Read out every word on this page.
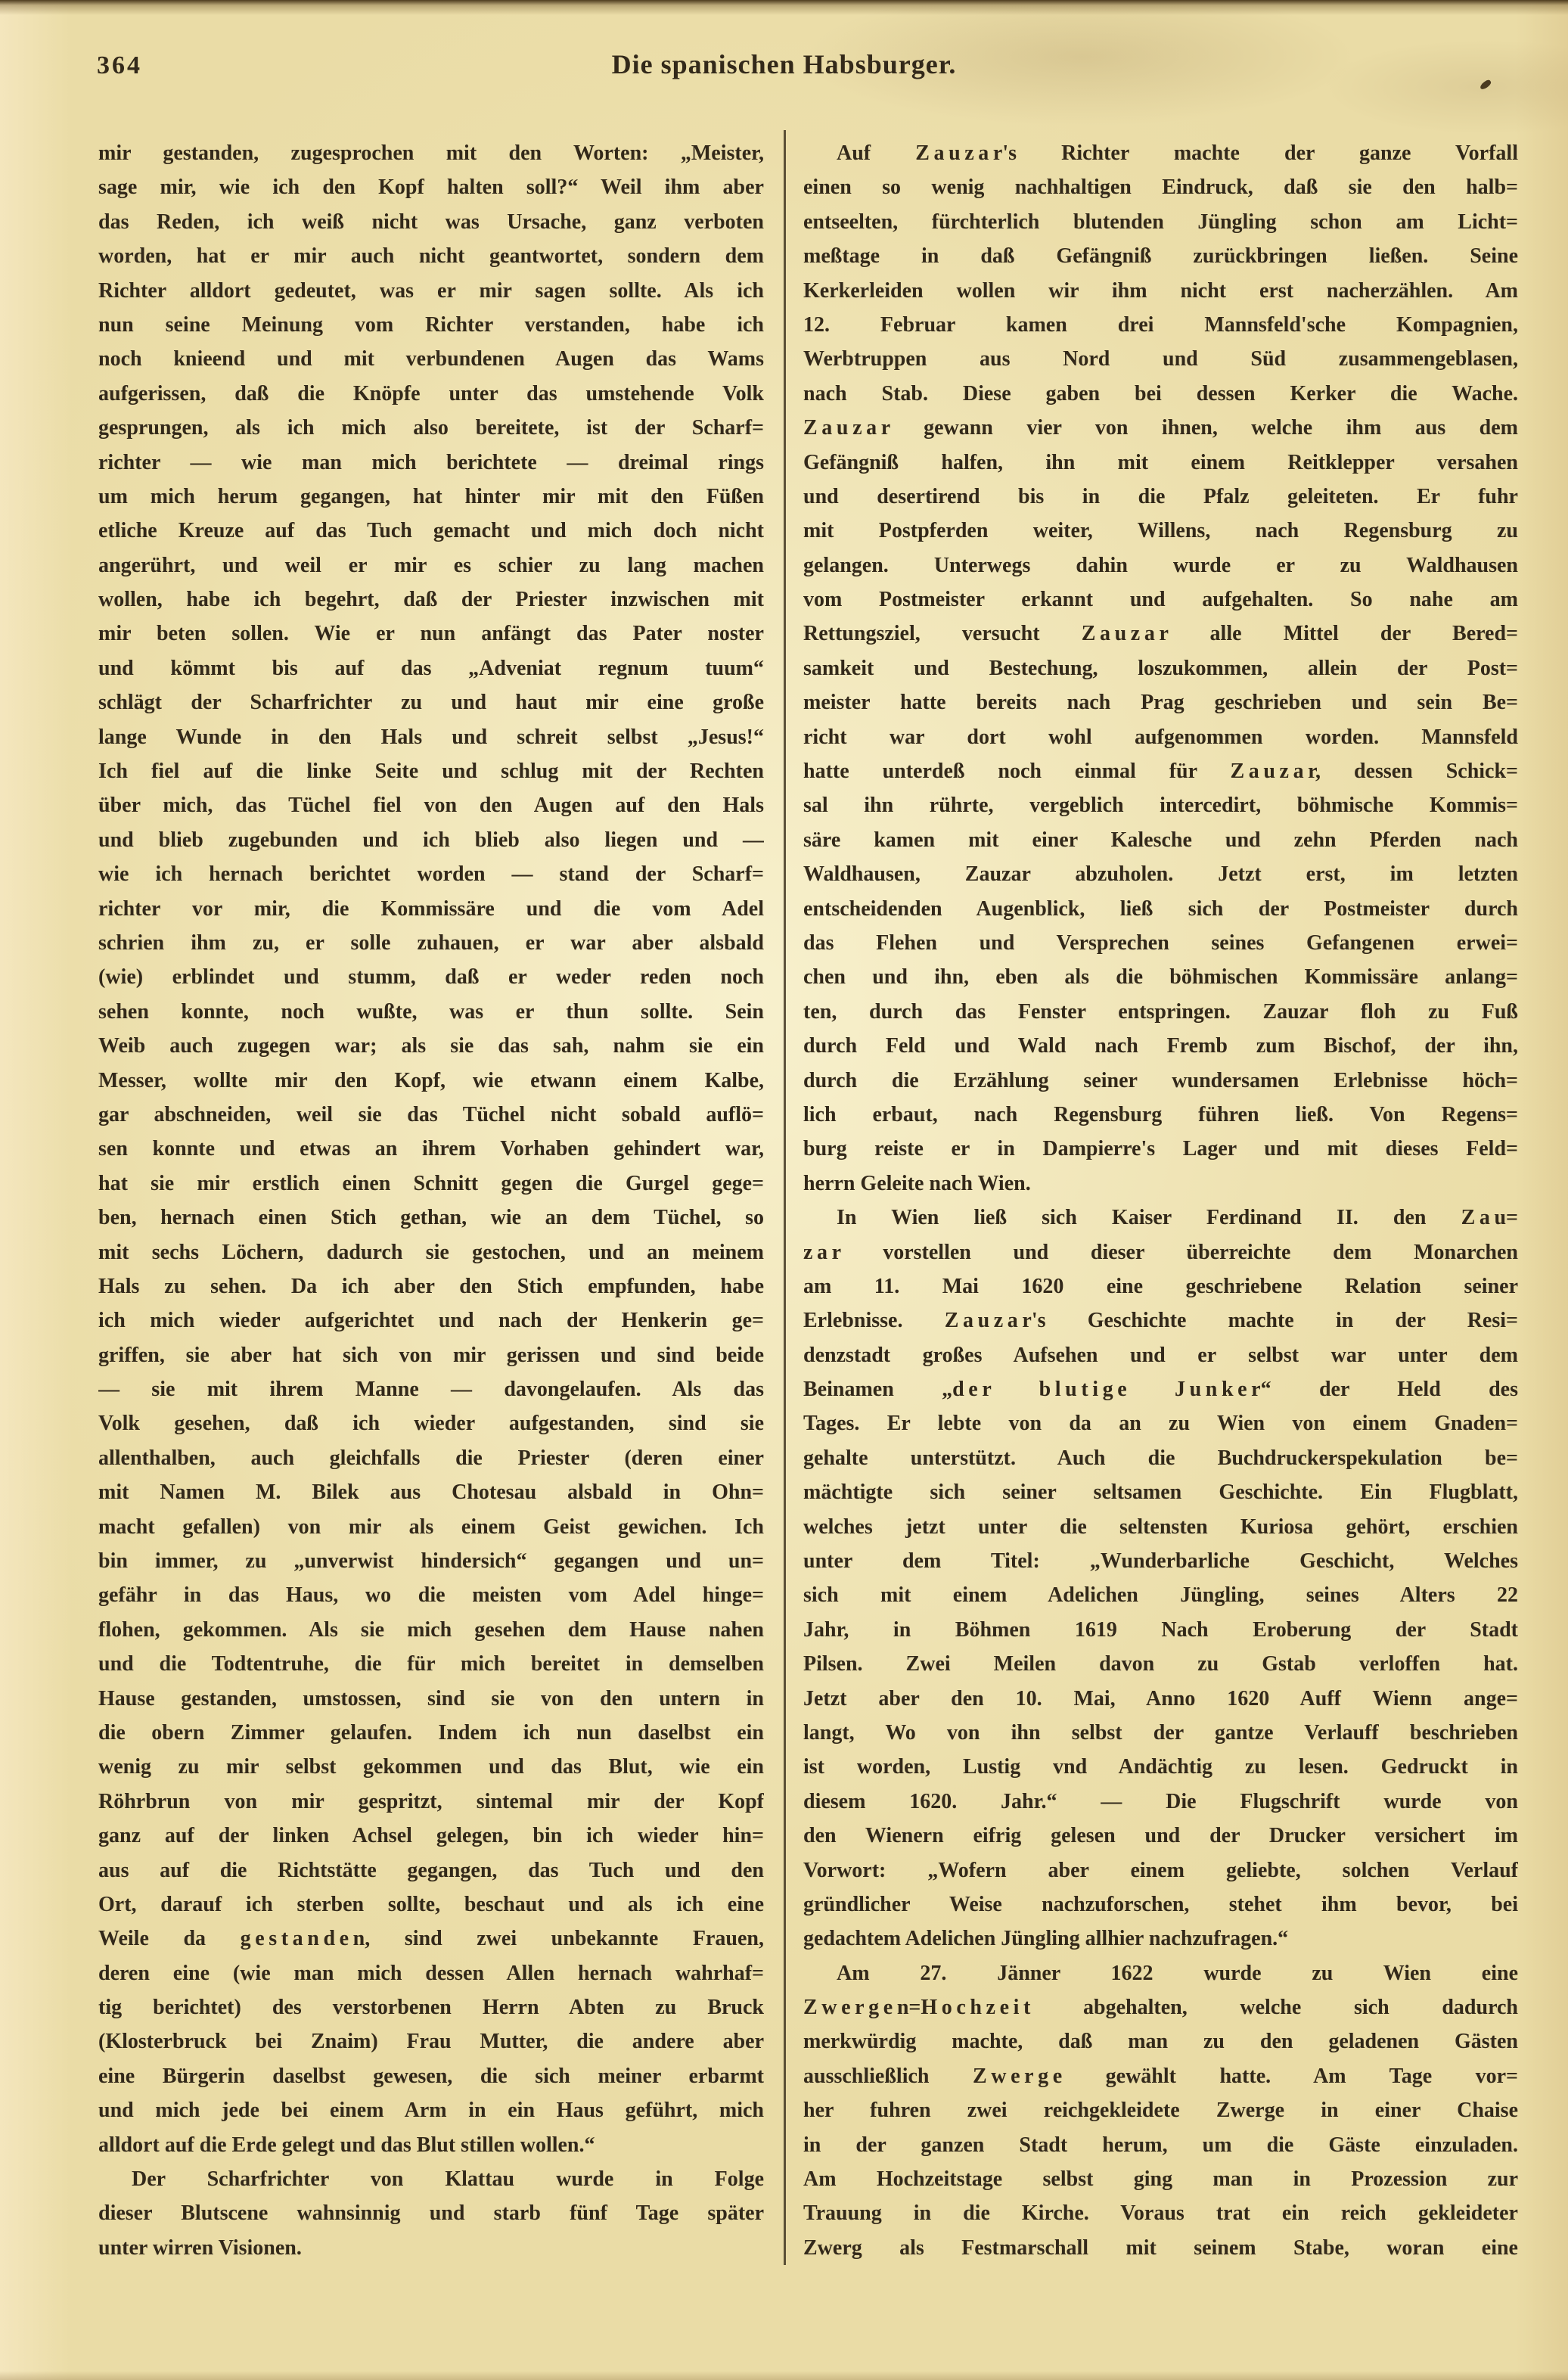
364	Die spanischen Habsburger.
mir gestanden, zugesprochen mit den Worten: „Meister,
sage mir, wie ich den Kopf halten soll?“ Weil ihm aber
das Reden, ich weiß nicht was Ursache, ganz verboten
worden, hat er mir auch nicht geantwortet, sondern dem
Richter alldort gedeutet, was er mir sagen sollte. Als ich
nun seine Meinung vom Richter verstanden, habe ich
noch knieend und mit verbundenen Augen das Wams
aufgerissen, daß die Knöpfe unter das umstehende Volk
gesprungen, als ich mich also bereitete, ist der Scharf=
richter — wie man mich berichtete — dreimal rings
um mich herum gegangen, hat hinter mir mit den Füßen
etliche Kreuze auf das Tuch gemacht und mich doch nicht
angerührt, und weil er mir es schier zu lang machen
wollen, habe ich begehrt, daß der Priester inzwischen mit
mir beten sollen. Wie er nun anfängt das Pater noster
und kömmt bis auf das „Adveniat regnum tuum“
schlägt der Scharfrichter zu und haut mir eine große
lange Wunde in den Hals und schreit selbst „Jesus!“
Ich fiel auf die linke Seite und schlug mit der Rechten
über mich, das Tüchel fiel von den Augen auf den Hals
und blieb zugebunden und ich blieb also liegen und —
wie ich hernach berichtet worden — stand der Scharf=
richter vor mir, die Kommissäre und die vom Adel
schrien ihm zu, er solle zuhauen, er war aber alsbald
(wie) erblindet und stumm, daß er weder reden noch
sehen konnte, noch wußte, was er thun sollte. Sein
Weib auch zugegen war; als sie das sah, nahm sie ein
Messer, wollte mir den Kopf, wie etwann einem Kalbe,
gar abschneiden, weil sie das Tüchel nicht sobald auflö=
sen konnte und etwas an ihrem Vorhaben gehindert war,
hat sie mir erstlich einen Schnitt gegen die Gurgel gege=
ben, hernach einen Stich gethan, wie an dem Tüchel, so
mit sechs Löchern, dadurch sie gestochen, und an meinem
Hals zu sehen. Da ich aber den Stich empfunden, habe
ich mich wieder aufgerichtet und nach der Henkerin ge=
griffen, sie aber hat sich von mir gerissen und sind beide
— sie mit ihrem Manne — davongelaufen. Als das
Volk gesehen, daß ich wieder aufgestanden, sind sie
allenthalben, auch gleichfalls die Priester (deren einer
mit Namen M. Bilek aus Chotesau alsbald in Ohn=
macht gefallen) von mir als einem Geist gewichen. Ich
bin immer, zu „unverwist hindersich“ gegangen und un=
gefähr in das Haus, wo die meisten vom Adel hinge=
flohen, gekommen. Als sie mich gesehen dem Hause nahen
und die Todtentruhe, die für mich bereitet in demselben
Hause gestanden, umstossen, sind sie von den untern in
die obern Zimmer gelaufen. Indem ich nun daselbst ein
wenig zu mir selbst gekommen und das Blut, wie ein
Röhrbrun von mir gespritzt, sintemal mir der Kopf
ganz auf der linken Achsel gelegen, bin ich wieder hin=
aus auf die Richtstätte gegangen, das Tuch und den
Ort, darauf ich sterben sollte, beschaut und als ich eine
Weile da g e s t a n d e n, sind zwei unbekannte Frauen,
deren eine (wie man mich dessen Allen hernach wahrhaf=
tig berichtet) des verstorbenen Herrn Abten zu Bruck
(Klosterbruck bei Znaim) Frau Mutter, die andere aber
eine Bürgerin daselbst gewesen, die sich meiner erbarmt
und mich jede bei einem Arm in ein Haus geführt, mich
alldort auf die Erde gelegt und das Blut stillen wollen.“
Der Scharfrichter von Klattau wurde in Folge
dieser Blutscene wahnsinnig und starb fünf Tage später
unter wirren Visionen.
Auf Z a u z a r's Richter machte der ganze Vorfall
einen so wenig nachhaltigen Eindruck, daß sie den halb=
entseelten, fürchterlich blutenden Jüngling schon am Licht=
meßtage in daß Gefängniß zurückbringen ließen. Seine
Kerkerleiden wollen wir ihm nicht erst nacherzählen. Am
12. Februar kamen drei Mannsfeld'sche Kompagnien,
Werbtruppen aus Nord und Süd zusammengeblasen,
nach Stab. Diese gaben bei dessen Kerker die Wache.
Z a u z a r gewann vier von ihnen, welche ihm aus dem
Gefängniß halfen, ihn mit einem Reitklepper versahen
und desertirend bis in die Pfalz geleiteten. Er fuhr
mit Postpferden weiter, Willens, nach Regensburg zu
gelangen. Unterwegs dahin wurde er zu Waldhausen
vom Postmeister erkannt und aufgehalten. So nahe am
Rettungsziel, versucht Z a u z a r alle Mittel der Bered=
samkeit und Bestechung, loszukommen, allein der Post=
meister hatte bereits nach Prag geschrieben und sein Be=
richt war dort wohl aufgenommen worden. Mannsfeld
hatte unterdeß noch einmal für Z a u z a r, dessen Schick=
sal ihn rührte, vergeblich intercedirt, böhmische Kommis=
säre kamen mit einer Kalesche und zehn Pferden nach
Waldhausen, Zauzar abzuholen. Jetzt erst, im letzten
entscheidenden Augenblick, ließ sich der Postmeister durch
das Flehen und Versprechen seines Gefangenen erwei=
chen und ihn, eben als die böhmischen Kommissäre anlang=
ten, durch das Fenster entspringen. Zauzar floh zu Fuß
durch Feld und Wald nach Fremb zum Bischof, der ihn,
durch die Erzählung seiner wundersamen Erlebnisse höch=
lich erbaut, nach Regensburg führen ließ. Von Regens=
burg reiste er in Dampierre's Lager und mit dieses Feld=
herrn Geleite nach Wien.
In Wien ließ sich Kaiser Ferdinand II. den Z a u=
z a r vorstellen und dieser überreichte dem Monarchen
am 11. Mai 1620 eine geschriebene Relation seiner
Erlebnisse. Z a u z a r's Geschichte machte in der Resi=
denzstadt großes Aufsehen und er selbst war unter dem
Beinamen „d e r b l u t i g e J u n k e r“ der Held des
Tages. Er lebte von da an zu Wien von einem Gnaden=
gehalte unterstützt. Auch die Buchdruckerspekulation be=
mächtigte sich seiner seltsamen Geschichte. Ein Flugblatt,
welches jetzt unter die seltensten Kuriosa gehört, erschien
unter dem Titel: „Wunderbarliche Geschicht, Welches
sich mit einem Adelichen Jüngling, seines Alters 22
Jahr, in Böhmen 1619 Nach Eroberung der Stadt
Pilsen. Zwei Meilen davon zu Gstab verloffen hat.
Jetzt aber den 10. Mai, Anno 1620 Auff Wienn ange=
langt, Wo von ihn selbst der gantze Verlauff beschrieben
ist worden, Lustig vnd Andächtig zu lesen. Gedruckt in
diesem 1620. Jahr.“ — Die Flugschrift wurde von
den Wienern eifrig gelesen und der Drucker versichert im
Vorwort: „Wofern aber einem geliebte, solchen Verlauf
gründlicher Weise nachzuforschen, stehet ihm bevor, bei
gedachtem Adelichen Jüngling allhier nachzufragen.“
Am 27. Jänner 1622 wurde zu Wien eine
Z w e r g e n=H o c h z e i t abgehalten, welche sich dadurch
merkwürdig machte, daß man zu den geladenen Gästen
ausschließlich Z w e r g e gewählt hatte. Am Tage vor=
her fuhren zwei reichgekleidete Zwerge in einer Chaise
in der ganzen Stadt herum, um die Gäste einzuladen.
Am Hochzeitstage selbst ging man in Prozession zur
Trauung in die Kirche. Voraus trat ein reich gekleideter
Zwerg als Festmarschall mit seinem Stabe, woran eine
